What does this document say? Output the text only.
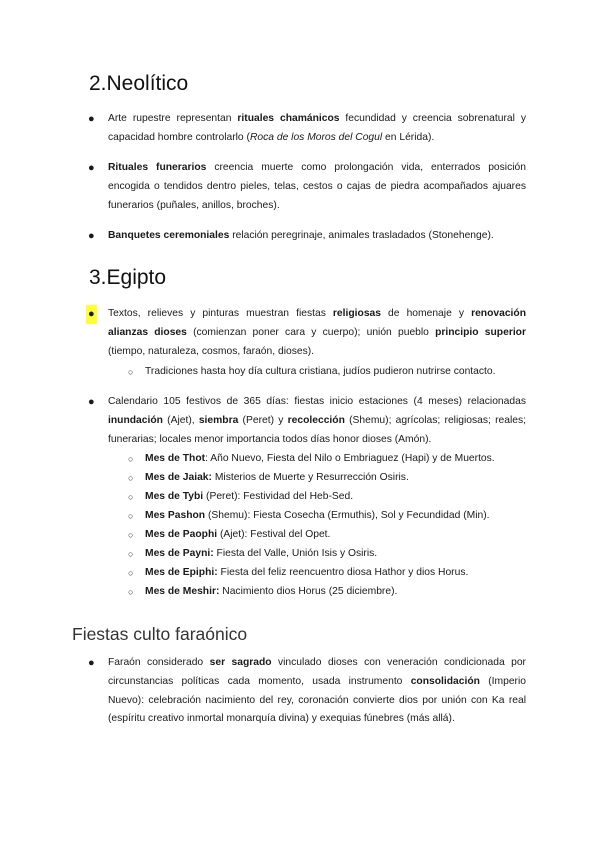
2.Neolítico
● Arte rupestre representan rituales chamánicos fecundidad y creencia sobrenatural y capacidad hombre controlarlo (Roca de los Moros del Cogul en Lérida).
● Rituales funerarios creencia muerte como prolongación vida, enterrados posición encogida o tendidos dentro pieles, telas, cestos o cajas de piedra acompañados ajuares funerarios (puñales, anillos, broches).
● Banquetes ceremoniales relación peregrinaje, animales trasladados (Stonehenge).
3.Egipto
● Textos, relieves y pinturas muestran fiestas religiosas de homenaje y renovación alianzas dioses (comienzan poner cara y cuerpo); unión pueblo principio superior (tiempo, naturaleza, cosmos, faraón, dioses).
○ Tradiciones hasta hoy día cultura cristiana, judíos pudieron nutrirse contacto.
● Calendario 105 festivos de 365 días: fiestas inicio estaciones (4 meses) relacionadas inundación (Ajet), siembra (Peret) y recolección (Shemu); agrícolas; religiosas; reales; funerarias; locales menor importancia todos días honor dioses (Amón).
○ Mes de Thot: Año Nuevo, Fiesta del Nilo o Embriaguez (Hapi) y de Muertos.
○ Mes de Jaiak: Misterios de Muerte y Resurrección Osiris.
○ Mes de Tybi (Peret): Festividad del Heb-Sed.
○ Mes Pashon (Shemu): Fiesta Cosecha (Ermuthis), Sol y Fecundidad (Min).
○ Mes de Paophi (Ajet): Festival del Opet.
○ Mes de Payni: Fiesta del Valle, Unión Isis y Osiris.
○ Mes de Epiphi: Fiesta del feliz reencuentro diosa Hathor y dios Horus.
○ Mes de Meshir: Nacimiento dios Horus (25 diciembre).
Fiestas culto faraónico
● Faraón considerado ser sagrado vinculado dioses con veneración condicionada por circunstancias políticas cada momento, usada instrumento consolidación (Imperio Nuevo): celebración nacimiento del rey, coronación convierte dios por unión con Ka real (espíritu creativo inmortal monarquía divina) y exequias fúnebres (más allá).
